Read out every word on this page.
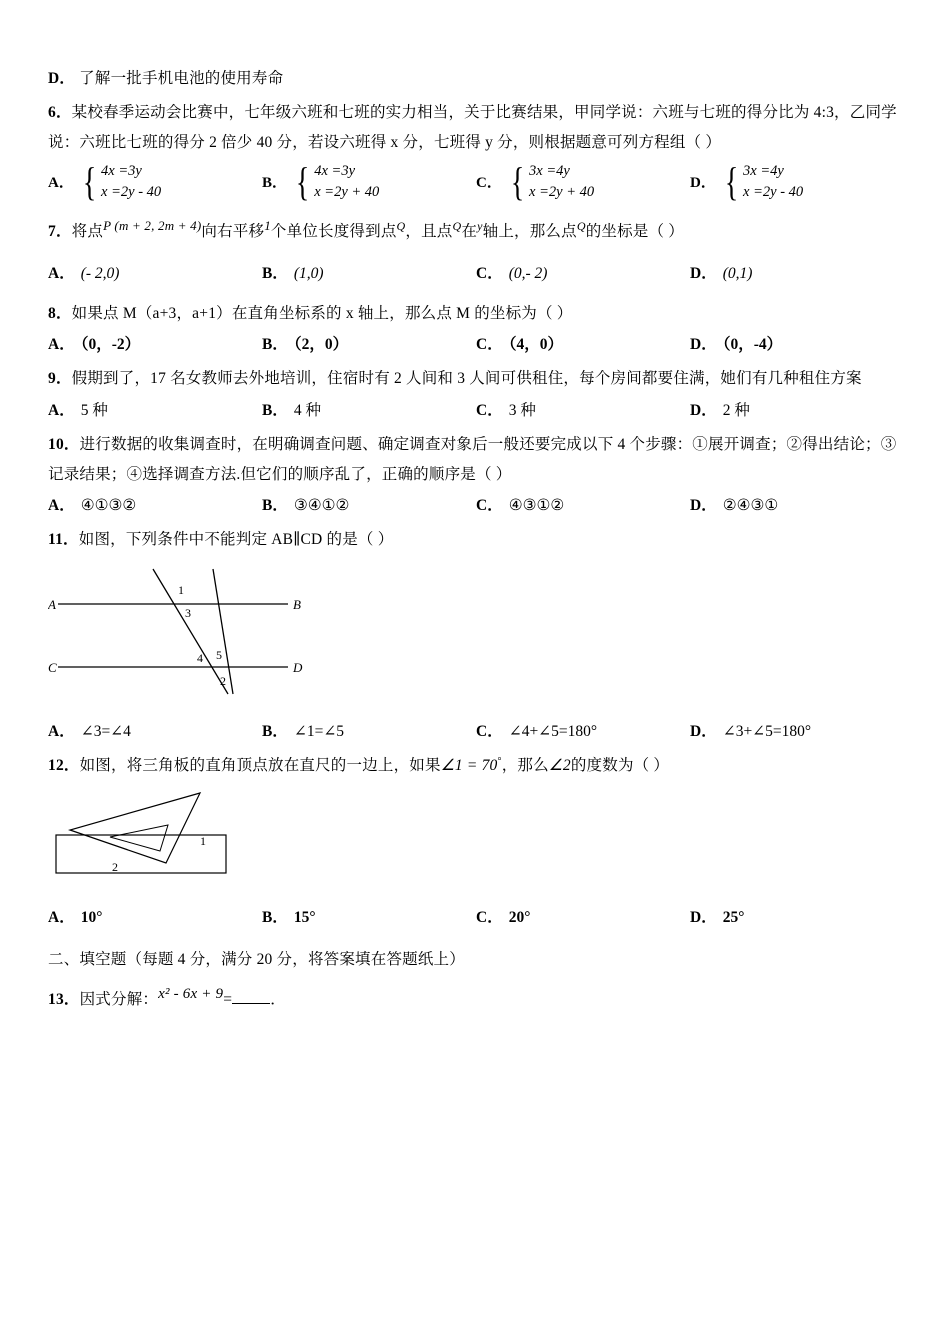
D． 了解一批手机电池的使用寿命
6．某校春季运动会比赛中，七年级六班和七班的实力相当，关于比赛结果，甲同学说：六班与七班的得分比为 4:3，乙同学说：六班比七班的得分 2 倍少 40 分，若设六班得 x 分，七班得 y 分，则根据题意可列方程组（ ）
A． { 4x =3y
x =2y - 40
B． { 4x =3y
x =2y + 40
C． { 3x =4y
x =2y + 40
D． { 3x =4y
x =2y - 40
7．将点$^{P (m + 2, 2m + 4)}$向右平移$^1$个单位长度得到点$^Q$，且点$^Q$在$^y$轴上，那么点$^Q$的坐标是（ ）
A． (- 2,0)	B． (1,0)	C． (0,- 2)	D． (0,1)
8．如果点 M（a+3，a+1）在直角坐标系的 x 轴上，那么点 M 的坐标为（ ）
A． （0，-2）	B． （2，0）	C． （4，0）	D． （0，-4）
9．假期到了，17 名女教师去外地培训，住宿时有 2 人间和 3 人间可供租住，每个房间都要住满，她们有几种租住方案
A． 5 种	B． 4 种	C． 3 种	D． 2 种
10．进行数据的收集调查时，在明确调查问题、确定调查对象后一般还要完成以下 4 个步骤：①展开调查；②得出结论；③记录结果；④选择调查方法.但它们的顺序乱了，正确的顺序是（ ）
A． ④①③②	B． ③④①②	C． ④③①②	D． ②④③①
11．如图，下列条件中不能判定 AB∥CD 的是（ ）
A	B
C	D
1
3
4 5
2
A． ∠3=∠4	B． ∠1=∠5	C． ∠4+∠5=180°	D． ∠3+∠5=180°
12．如图，将三角板的直角顶点放在直尺的一边上，如果∠1 = 70°，那么∠2的度数为（ ）
1
2
A． 10°	B． 15°	C． 20°	D． 25°
二、填空题（每题 4 分，满分 20 分，将答案填在答题纸上）
13．因式分解：x² - 6x + 9= ．
